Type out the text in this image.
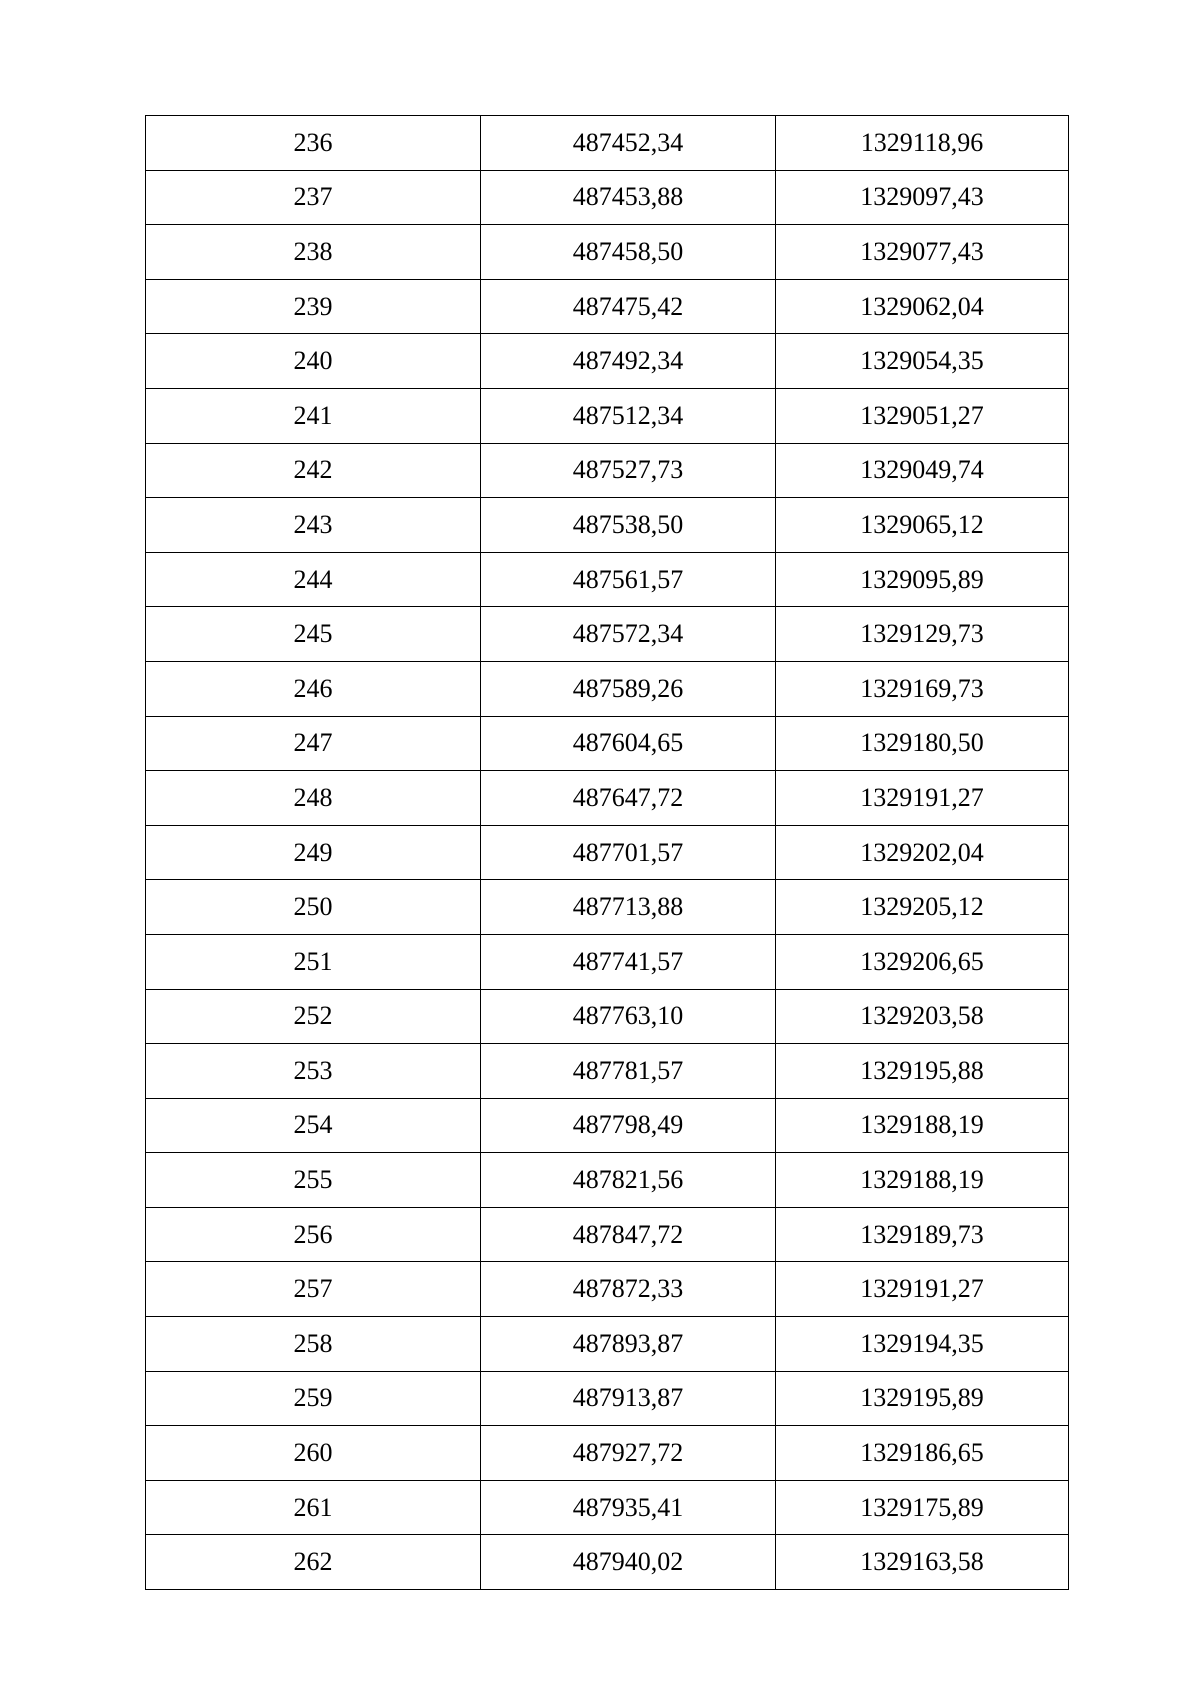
236	487452,34	1329118,96
237	487453,88	1329097,43
238	487458,50	1329077,43
239	487475,42	1329062,04
240	487492,34	1329054,35
241	487512,34	1329051,27
242	487527,73	1329049,74
243	487538,50	1329065,12
244	487561,57	1329095,89
245	487572,34	1329129,73
246	487589,26	1329169,73
247	487604,65	1329180,50
248	487647,72	1329191,27
249	487701,57	1329202,04
250	487713,88	1329205,12
251	487741,57	1329206,65
252	487763,10	1329203,58
253	487781,57	1329195,88
254	487798,49	1329188,19
255	487821,56	1329188,19
256	487847,72	1329189,73
257	487872,33	1329191,27
258	487893,87	1329194,35
259	487913,87	1329195,89
260	487927,72	1329186,65
261	487935,41	1329175,89
262	487940,02	1329163,58
